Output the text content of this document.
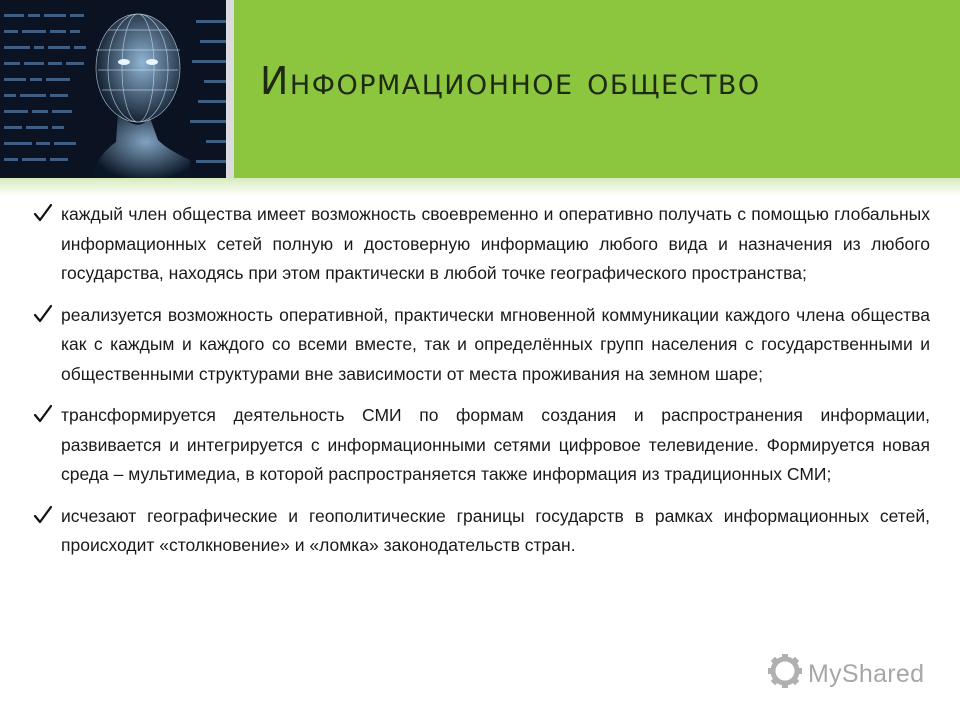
Информационное общество
каждый член общества имеет возможность своевременно и оперативно получать с помощью глобальных информационных сетей полную и достоверную информацию любого вида и назначения из любого государства, находясь при этом практически в любой точке географического пространства;
реализуется возможность оперативной, практически мгновенной коммуникации каждого члена общества как с каждым и каждого со всеми вместе, так и определённых групп населения с государственными и общественными структурами вне зависимости от места проживания на земном шаре;
трансформируется деятельность СМИ по формам создания и распространения информации, развивается и интегрируется с информационными сетями цифровое телевидение. Формируется новая среда – мультимедиа, в которой распространяется также информация из традиционных СМИ;
исчезают географические и геополитические границы государств в рамках информационных сетей, происходит «столкновение» и «ломка» законодательств стран.
MyShared
